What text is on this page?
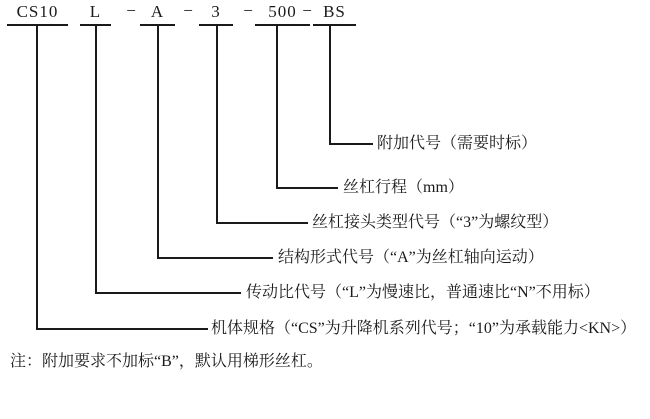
CS10	L	− A	−	3	− 500 − BS
附加代号（需要时标）
丝杠行程（mm）
丝杠接头类型代号（“3”为螺纹型）
结构形式代号（“A”为丝杠轴向运动）
传动比代号（“L”为慢速比，普通速比“N”不用标）
机体规格（“CS”为升降机系列代号；“10”为承载能力<KN>）
注：附加要求不加标“B”，默认用梯形丝杠。
